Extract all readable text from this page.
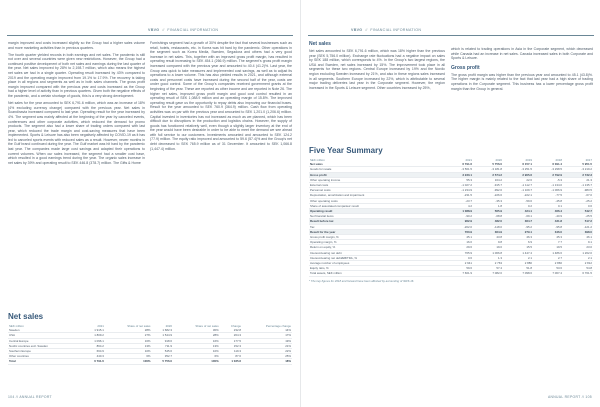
VBVG // FINANCIAL INFORMATION

margin improved and costs increased slightly so the Group had a higher sales volume and more marketing activities than in previous quarters.

The fourth quarter yielded records in both earnings and net sales. The pandemic is still not over and several countries were given new restrictions. However, the Group had a continued positive development of both net sales and earnings during the last quarter of the year. Net sales improved by 28% to 2,198.7 million, which also means the highest net sales we had in a single quarter. Operating result increased by 43% compared to 2019 and the operating margin improved from 19.1% to 17.9%. The recovery is taking place in all regions and segments as well as in both sales channels. The gross profit margin improved compared with the previous year and costs increased as the Group had a higher level of activity than in previous quarters. Given both the negative effects of the pandemic, and a certain shortage of goods, this is a very strong development.

Net sales for the year amounted to SEK 6,791.6 million, which was an increase of 18% (4% excluding currency change) compared with the previous year. Net sales in Scandinavia increased compared to last year. Operating result for the year increased by 4%. The segment was mainly affected at the beginning of the year by canceled events, conferences and other corporate activities, which reduced the demand for promo products. The segment also had a lower share of trading orders compared with last year, which reduced the trade margin and cost-saving measures that have been implemented. Sports & Leisure has also been negatively affected by COVID-19 as it has led to canceled sports events with reduced sales as a result. However, newer months in the Gulf brand continued during the year. The Gulf market was hit hard by the pandemic last year. The companies made large cost savings and adapted their operations to current volumes. When our sales increased, the segment had a smaller cost base, which resulted in a good earnings trend during the year. The organic sales increase in net sales by 39% and operating result to SEK 446.8 (378.7) million. The Gifts & Home

Furnishings segment had a growth of 30% despite the fact that several businesses such as retail, hotels, restaurants, etc. in Korea was hit hard by the pandemic. Other operations in the segment such as Korea Media, Sweden, Segadora and others had a very good increase in net sales. This, together with an improved gross profit margin, has resulted in operating result increasing to SEK 454.1 (266.9) million. The segment's gross profit margin increased compared with the previous year and amounted to 40.4 (41.2)%. Last year, the Group was quick to take measures and implemented cost savings, as well as to adjust its operations to a lower volume. This has also yielded results in 2021, and although external costs and personnel costs have increased during the second half of the year, costs are under good control. Some of the Group's companies received government grants at the beginning of the year. These are reported as other income and are reported in Note 26. The higher net sales, improved gross profit margin and good cost control resulted in an operating result of SEK 1,088.9 million and an operating margin of 15.8%. The improved operating result gave us the opportunity to repay debts also improving our financial buses. Result for the year amounted to SEK 760.9 (364.9) million. Cash flow from operating activities was on par with the previous year and amounted to SEK 1,201.0 (1,206.6) million. Capital invested in inventories has not increased as much as we planned, which has been difficult due to disruptions in the production and logistics chains. However, the supply of goods has functioned relatively well, even though a slightly larger inventory at the end of the year would have been desirable in order to be able to meet the demand we see ahead with full service to our customers. Investments amounted and amounted to SEK 124.2 (77.9) million. The equity ratio improved and amounted to 59.6 (57.4)% and the Group's net debt decreased to SEK 765.9 million as of 31 December. It amounted to SEK 1,066.8 (1,447.4) million.

Net sales
SEK million	2021	Share of net sales	2020	Share of net sales	Change	Percentage change
Sweden	1 915.1	28%	1 682.3	30%	232.8	14%
USA	1 809.2	27%	1 544.9	28%	264.3	17%
Central Europe	1 096.1	16%	918.6	16%	177.5	19%
Nordic countries excl. Sweden	864.2	13%	711.9	13%	152.3	21%
Southern Europe	664.9	10%	545.6	10%	119.3	22%
Other countries	440.3	6%	352.7	6%	87.6	25%
Total	6 791.6	100%	5 756.0	100%	1 035.6	18%
104 // ANNUAL REPORT
VBVG // FINANCIAL INFORMATION
Net sales

Net sales amounted to SEK 6,791.6 million, which was 18% higher than the previous year (SEK 5,756.0 million). Exchange rate fluctuations had a negative impact on sales by SEK 188 million, which corresponds to 4%. In the Group's two largest regions, the USA and Sweden, net sales increased by 15%. The improvement took place in all segments for these two regions. Central Europe increased by 19% and the Nordic region excluding Sweden increased by 21%, and also in these regions sales increased in all segments. Southern Europe increased by 22%, which is attributable to several major trading deliveries last year in the Corporate segment. However, the region increased in the Sports & Leisure segment. Other countries increased by 25%,

which is related to trading operations in Asia in the Corporate segment, which decreased while Canada had an increase in net sales. Canada increased sales in both Corporate and Sports & Leisure.

Gross profit

The gross profit margin was higher than the previous year and amounted to 45.1 (43.8)%. The higher margin is mainly related to the fact that last year had a high share of trading operations in the Corporate segment. This business has a lower percentage gross profit margin than the Group in general.

Five Year Summary
SEK million	2021	2020	2019	2018	2017
Net sales	6 791.6	5 756.0	6 157.1	6 091.4	5 951.5
Goods for resale	-3 561.5	-3 181.8	-3 251.5	-3 298.5	-3 219.2
Gross profit	3 230.1	2 574.2	2 905.6	2 792.9	2 732.3
Other operating income	55.3	164.2	22.6	-5.3	21.3
External costs	-1 027.2	-915.7	-1 112.7	-1 134.0	-1 135.7
Personnel costs	-1 234.9	-992.6	-1 109.7	-1 066.9	-983.5
Depreciation, amortization and impairment	-231.5	-226.6	-222.1	-77.5	-67.0
Other operating costs	-23.7	-35.3	-59.6	-45.8	-25.2
Share of associated companies' result	4.2	1.8	0.2	0.1	0.6
Operating result	1 088.9	565.9	424.1	466.4	542.7
Net financial items	-90.2	-68.8	-69.1	-40.9	-25.5
Result before tax	962.9	482.0	364.7	431.8	517.2
Tax	-202.0	-118.0	-95.2	-95.8	-121.2
Result for the year	760.9	364.9	279.1	346.0	398.0
Gross profit margin, %	45.1	43.8	46.3	45.3	46.1
Operating margin, %	16.0	9.8	6.9	7.7	9.1
Return on equity, %	29.6	19.0	15.5	19.5	23.0
Interest-bearing net debt	765.9	1 066.8	1 447.4	1 486.6	1 262.0
Interest-bearing net debt/EBITDA, %	0.6	1.3	2.1	2.7	2.1
Average number of employees	2 941	2 763	2 880	2 866	2 812
Equity ratio, %	59.6	57.4	51.8	53.6	54.8
Total assets, SEK million	7 661.9	7 082.0	7 098.6	7 067.4	6 761.5
* The key figures for 2018 and forward have been affected by accounting of IFRS 16.
ANNUAL REPORT // 105
